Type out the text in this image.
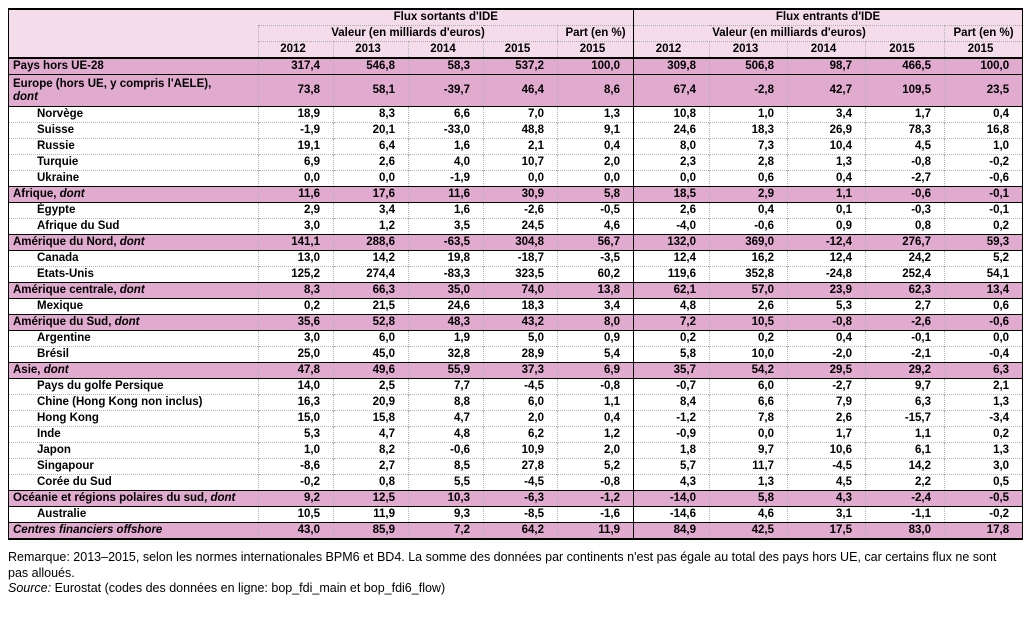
	Flux sortants d'IDE					Flux entrants d'IDE				
	Valeur (en milliards d'euros)				Part (en %)	Valeur (en milliards d'euros)				Part (en %)
	2012	2013	2014	2015	2015	2012	2013	2014	2015	2015
Pays hors UE-28	317,4	546,8	58,3	537,2	100,0	309,8	506,8	98,7	466,5	100,0
Europe (hors UE, y compris l'AELE),
dont	73,8	58,1	-39,7	46,4	8,6	67,4	-2,8	42,7	109,5	23,5
Norvège	18,9	8,3	6,6	7,0	1,3	10,8	1,0	3,4	1,7	0,4
Suisse	-1,9	20,1	-33,0	48,8	9,1	24,6	18,3	26,9	78,3	16,8
Russie	19,1	6,4	1,6	2,1	0,4	8,0	7,3	10,4	4,5	1,0
Turquie	6,9	2,6	4,0	10,7	2,0	2,3	2,8	1,3	-0,8	-0,2
Ukraine	0,0	0,0	-1,9	0,0	0,0	0,0	0,6	0,4	-2,7	-0,6
Afrique, dont	11,6	17,6	11,6	30,9	5,8	18,5	2,9	1,1	-0,6	-0,1
Égypte	2,9	3,4	1,6	-2,6	-0,5	2,6	0,4	0,1	-0,3	-0,1
Afrique du Sud	3,0	1,2	3,5	24,5	4,6	-4,0	-0,6	0,9	0,8	0,2
Amérique du Nord, dont	141,1	288,6	-63,5	304,8	56,7	132,0	369,0	-12,4	276,7	59,3
Canada	13,0	14,2	19,8	-18,7	-3,5	12,4	16,2	12,4	24,2	5,2
Etats-Unis	125,2	274,4	-83,3	323,5	60,2	119,6	352,8	-24,8	252,4	54,1
Amérique centrale, dont	8,3	66,3	35,0	74,0	13,8	62,1	57,0	23,9	62,3	13,4
Mexique	0,2	21,5	24,6	18,3	3,4	4,8	2,6	5,3	2,7	0,6
Amérique du Sud, dont	35,6	52,8	48,3	43,2	8,0	7,2	10,5	-0,8	-2,6	-0,6
Argentine	3,0	6,0	1,9	5,0	0,9	0,2	0,2	0,4	-0,1	0,0
Brésil	25,0	45,0	32,8	28,9	5,4	5,8	10,0	-2,0	-2,1	-0,4
Asie, dont	47,8	49,6	55,9	37,3	6,9	35,7	54,2	29,5	29,2	6,3
Pays du golfe Persique	14,0	2,5	7,7	-4,5	-0,8	-0,7	6,0	-2,7	9,7	2,1
Chine (Hong Kong non inclus)	16,3	20,9	8,8	6,0	1,1	8,4	6,6	7,9	6,3	1,3
Hong Kong	15,0	15,8	4,7	2,0	0,4	-1,2	7,8	2,6	-15,7	-3,4
Inde	5,3	4,7	4,8	6,2	1,2	-0,9	0,0	1,7	1,1	0,2
Japon	1,0	8,2	-0,6	10,9	2,0	1,8	9,7	10,6	6,1	1,3
Singapour	-8,6	2,7	8,5	27,8	5,2	5,7	11,7	-4,5	14,2	3,0
Corée du Sud	-0,2	0,8	5,5	-4,5	-0,8	4,3	1,3	4,5	2,2	0,5
Océanie et régions polaires du sud, dont	9,2	12,5	10,3	-6,3	-1,2	-14,0	5,8	4,3	-2,4	-0,5
Australie	10,5	11,9	9,3	-8,5	-1,6	-14,6	4,6	3,1	-1,1	-0,2
Centres financiers offshore	43,0	85,9	7,2	64,2	11,9	84,9	42,5	17,5	83,0	17,8
Remarque: 2013–2015, selon les normes internationales BPM6 et BD4. La somme des données par continents n'est pas égale au total des pays hors UE, car certains flux ne sont
pas alloués.
Source: Eurostat (codes des données en ligne: bop_fdi_main et bop_fdi6_flow)
